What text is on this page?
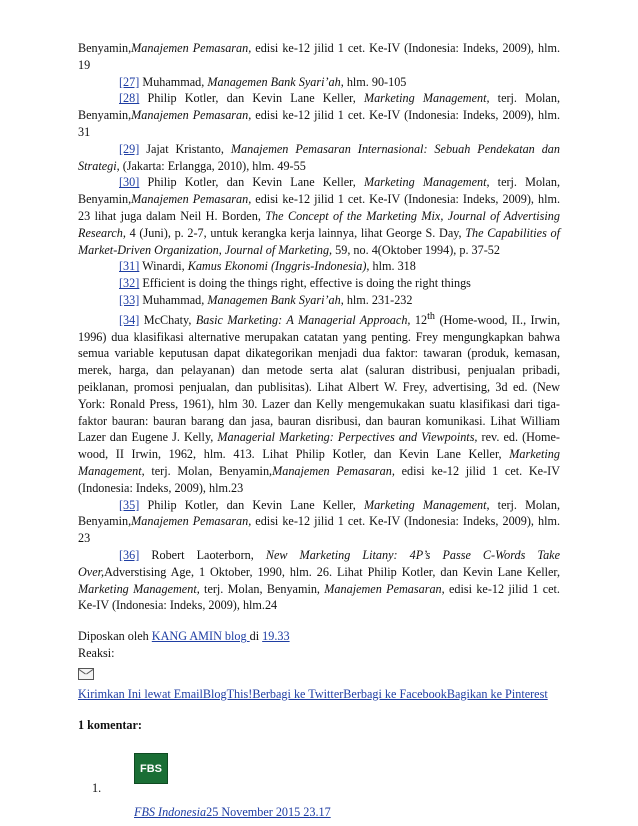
Benyamin,Manajemen Pemasaran, edisi ke-12 jilid 1 cet. Ke-IV (Indonesia: Indeks, 2009), hlm. 19

[27] Muhammad, Managemen Bank Syari’ah, hlm. 90-105

[28] Philip Kotler, dan Kevin Lane Keller, Marketing Management, terj. Molan, Benyamin,Manajemen Pemasaran, edisi ke-12 jilid 1 cet. Ke-IV (Indonesia: Indeks, 2009), hlm. 31

[29] Jajat Kristanto, Manajemen Pemasaran Internasional: Sebuah Pendekatan dan Strategi, (Jakarta: Erlangga, 2010), hlm. 49-55

[30] Philip Kotler, dan Kevin Lane Keller, Marketing Management, terj. Molan, Benyamin,Manajemen Pemasaran, edisi ke-12 jilid 1 cet. Ke-IV (Indonesia: Indeks, 2009), hlm. 23 lihat juga dalam Neil H. Borden, The Concept of the Marketing Mix, Journal of Advertising Research, 4 (Juni), p. 2-7, untuk kerangka kerja lainnya, lihat George S. Day, The Capabilities of Market-Driven Organization, Journal of Marketing, 59, no. 4(Oktober 1994), p. 37-52

[31] Winardi, Kamus Ekonomi (Inggris-Indonesia), hlm. 318

[32] Efficient is doing the things right, effective is doing the right things

[33] Muhammad, Managemen Bank Syari’ah, hlm. 231-232

[34] McChaty, Basic Marketing: A Managerial Approach, 12th (Home-wood, II., Irwin, 1996) dua klasifikasi alternative merupakan catatan yang penting. Frey mengungkapkan bahwa semua variable keputusan dapat dikategorikan menjadi dua faktor: tawaran (produk, kemasan, merek, harga, dan pelayanan) dan metode serta alat (saluran distribusi, penjualan pribadi, peiklanan, promosi penjualan, dan publisitas). Lihat Albert W. Frey, advertising, 3d ed. (New York: Ronald Press, 1961), hlm 30. Lazer dan Kelly mengemukakan suatu klasifikasi dari tiga-faktor bauran: bauran barang dan jasa, bauran disribusi, dan bauran komunikasi. Lihat William Lazer dan Eugene J. Kelly, Managerial Marketing: Perpectives and Viewpoints, rev. ed. (Home-wood, II Irwin, 1962, hlm. 413. Lihat Philip Kotler, dan Kevin Lane Keller, Marketing Management, terj. Molan, Benyamin,Manajemen Pemasaran, edisi ke-12 jilid 1 cet. Ke-IV (Indonesia: Indeks, 2009), hlm.23

[35] Philip Kotler, dan Kevin Lane Keller, Marketing Management, terj. Molan, Benyamin,Manajemen Pemasaran, edisi ke-12 jilid 1 cet. Ke-IV (Indonesia: Indeks, 2009), hlm. 23

[36] Robert Laoterborn, New Marketing Litany: 4P’s Passe C-Words Take Over,Adverstising Age, 1 Oktober, 1990, hlm. 26. Lihat Philip Kotler, dan Kevin Lane Keller, Marketing Management, terj. Molan, Benyamin, Manajemen Pemasaran, edisi ke-12 jilid 1 cet. Ke-IV (Indonesia: Indeks, 2009), hlm.24

Diposkan oleh KANG AMIN blog di 19.33
Reaksi:
Kirimkan Ini lewat EmailBlogThis!Berbagi ke TwitterBerbagi ke FacebookBagikan ke Pinterest
1 komentar:
1.
FBS
FBS Indonesia25 November 2015 23.17
